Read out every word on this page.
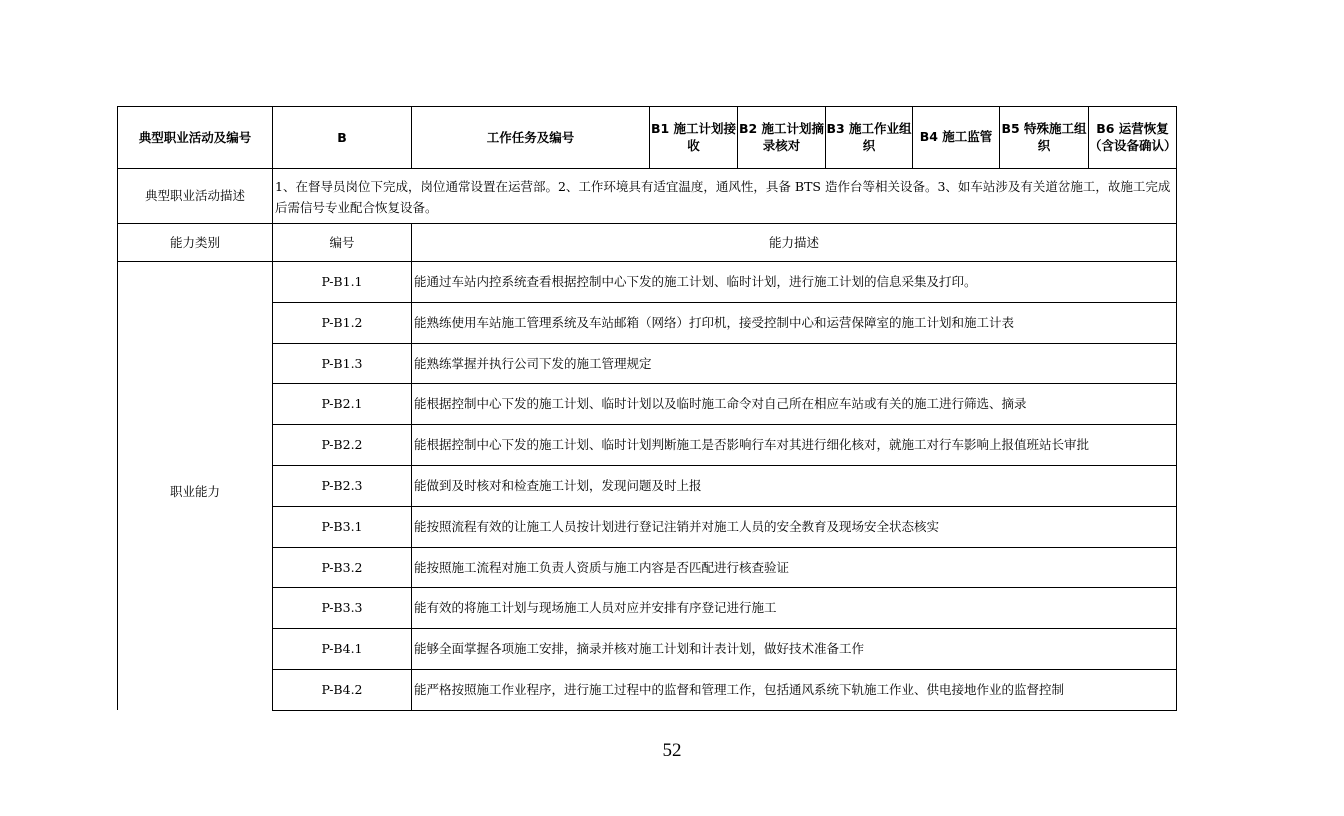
典型职业活动及编号	B	工作任务及编号	B1 施工计划接收	B2 施工计划摘录核对	B3 施工作业组织	B4 施工监管	B5 特殊施工组织	B6 运营恢复（含设备确认）
典型职业活动描述	1、在督导员岗位下完成，岗位通常设置在运营部。2、工作环境具有适宜温度，通风性，具备 BTS 造作台等相关设备。3、如车站涉及有关道岔施工，故施工完成后需信号专业配合恢复设备。							
能力类别	编号	能力描述						
职业能力	P-B1.1	能通过车站内控系统查看根据控制中心下发的施工计划、临时计划，进行施工计划的信息采集及打印。						
	P-B1.2	能熟练使用车站施工管理系统及车站邮箱（网络）打印机，接受控制中心和运营保障室的施工计划和施工计表						
	P-B1.3	能熟练掌握并执行公司下发的施工管理规定						
	P-B2.1	能根据控制中心下发的施工计划、临时计划以及临时施工命令对自己所在相应车站或有关的施工进行筛选、摘录						
	P-B2.2	能根据控制中心下发的施工计划、临时计划判断施工是否影响行车对其进行细化核对，就施工对行车影响上报值班站长审批						
	P-B2.3	能做到及时核对和检查施工计划，发现问题及时上报						
	P-B3.1	能按照流程有效的让施工人员按计划进行登记注销并对施工人员的安全教育及现场安全状态核实						
	P-B3.2	能按照施工流程对施工负责人资质与施工内容是否匹配进行核查验证						
	P-B3.3	能有效的将施工计划与现场施工人员对应并安排有序登记进行施工						
	P-B4.1	能够全面掌握各项施工安排，摘录并核对施工计划和计表计划，做好技术准备工作						
	P-B4.2	能严格按照施工作业程序，进行施工过程中的监督和管理工作，包括通风系统下轨施工作业、供电接地作业的监督控制						
52
